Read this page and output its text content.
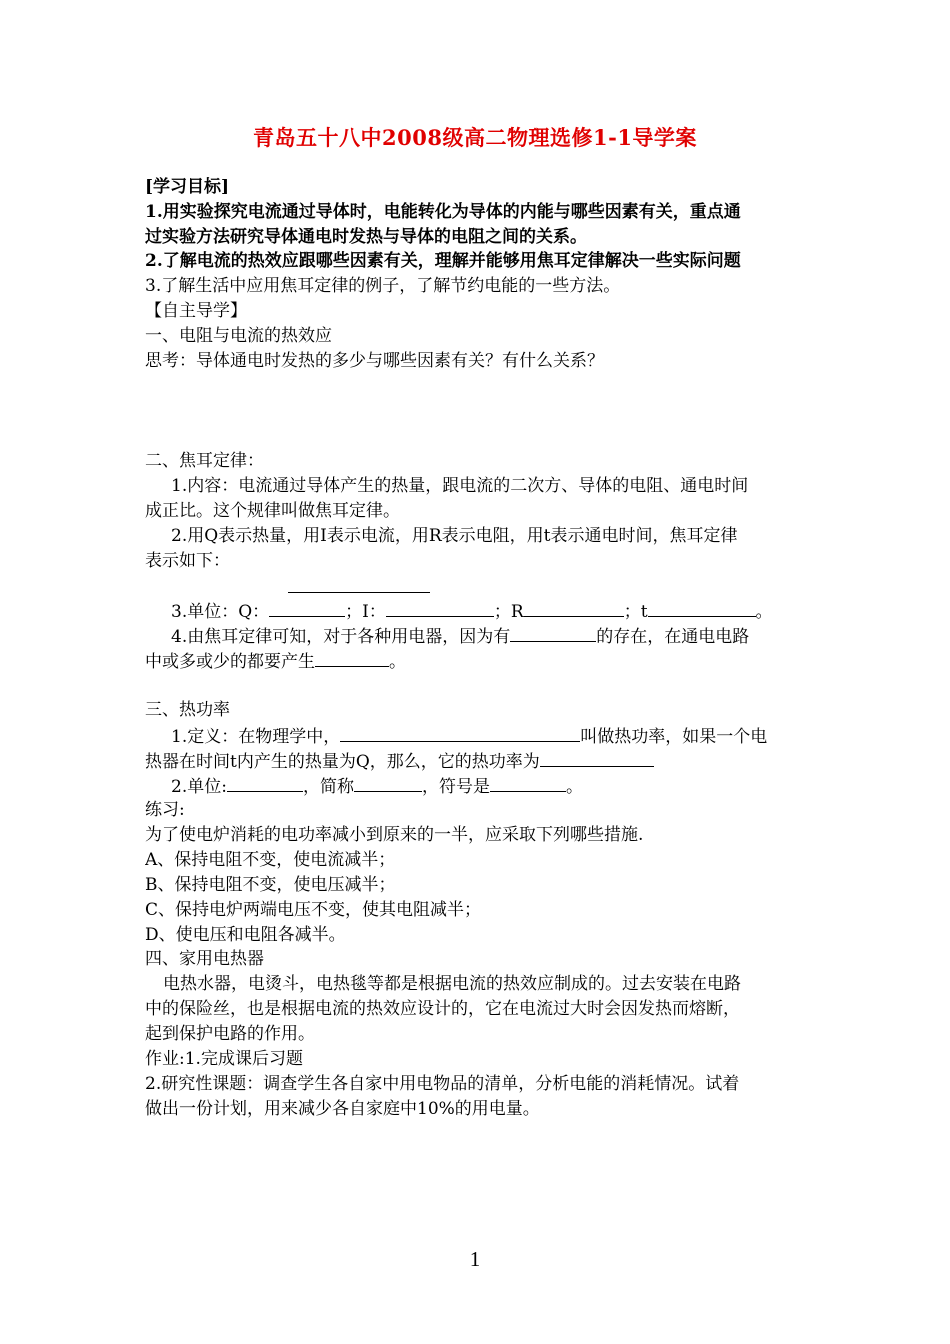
青岛五十八中2008级高二物理选修1-1导学案
[学习目标]
1.用实验探究电流通过导体时，电能转化为导体的内能与哪些因素有关，重点通
过实验方法研究导体通电时发热与导体的电阻之间的关系。
2.了解电流的热效应跟哪些因素有关，理解并能够用焦耳定律解决一些实际问题
3.了解生活中应用焦耳定律的例子，了解节约电能的一些方法。
【自主导学】
一、电阻与电流的热效应
思考：导体通电时发热的多少与哪些因素有关？有什么关系？
二、焦耳定律：
1.内容：电流通过导体产生的热量，跟电流的二次方、导体的电阻、通电时间
成正比。这个规律叫做焦耳定律。
2.用Q表示热量，用I表示电流，用R表示电阻，用t表示通电时间，焦耳定律
表示如下：
3.单位：Q：	；I：	；R	；t	。
4.由焦耳定律可知，对于各种用电器，因为有	的存在，在通电电路
中或多或少的都要产生	。
三、热功率
1.定义：在物理学中，	叫做热功率，如果一个电
热器在时间t内产生的热量为Q，那么，它的热功率为
2.单位:	，简称	，符号是	。
练习:
为了使电炉消耗的电功率减小到原来的一半，应采取下列哪些措施.
A、保持电阻不变，使电流减半；
B、保持电阻不变，使电压减半；
C、保持电炉两端电压不变，使其电阻减半；
D、使电压和电阻各减半。
四、家用电热器
电热水器，电烫斗，电热毯等都是根据电流的热效应制成的。过去安装在电路
中的保险丝，也是根据电流的热效应设计的，它在电流过大时会因发热而熔断，
起到保护电路的作用。
作业:1.完成课后习题
2.研究性课题：调查学生各自家中用电物品的清单，分析电能的消耗情况。试着
做出一份计划，用来减少各自家庭中10%的用电量。
1
